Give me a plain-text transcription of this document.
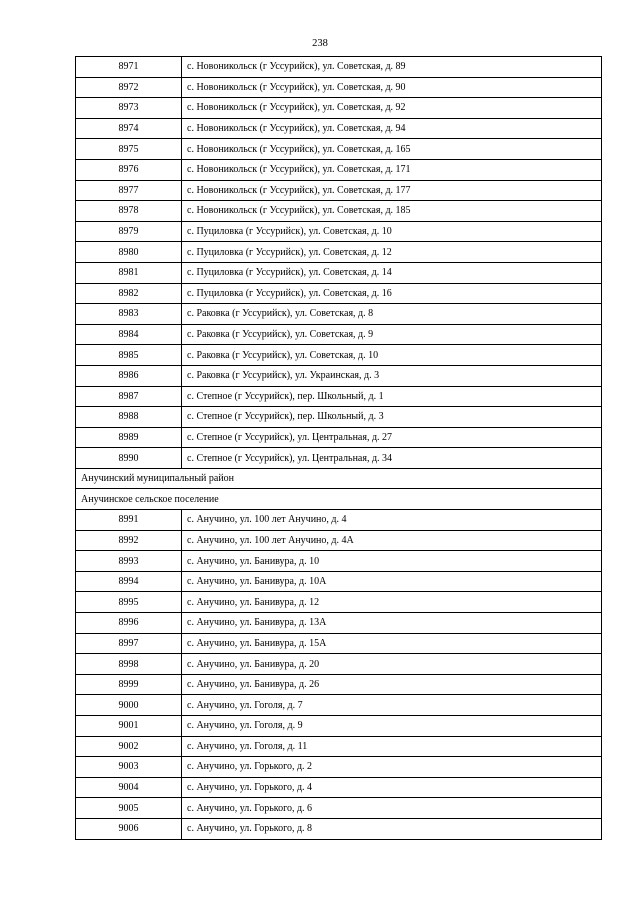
238
8971	с. Новоникольск (г Уссурийск), ул. Советская, д. 89
8972	с. Новоникольск (г Уссурийск), ул. Советская, д. 90
8973	с. Новоникольск (г Уссурийск), ул. Советская, д. 92
8974	с. Новоникольск (г Уссурийск), ул. Советская, д. 94
8975	с. Новоникольск (г Уссурийск), ул. Советская, д. 165
8976	с. Новоникольск (г Уссурийск), ул. Советская, д. 171
8977	с. Новоникольск (г Уссурийск), ул. Советская, д. 177
8978	с. Новоникольск (г Уссурийск), ул. Советская, д. 185
8979	с. Пуциловка (г Уссурийск), ул. Советская, д. 10
8980	с. Пуциловка (г Уссурийск), ул. Советская, д. 12
8981	с. Пуциловка (г Уссурийск), ул. Советская, д. 14
8982	с. Пуциловка (г Уссурийск), ул. Советская, д. 16
8983	с. Раковка (г Уссурийск), ул. Советская, д. 8
8984	с. Раковка (г Уссурийск), ул. Советская, д. 9
8985	с. Раковка (г Уссурийск), ул. Советская, д. 10
8986	с. Раковка (г Уссурийск), ул. Украинская, д. 3
8987	с. Степное (г Уссурийск), пер. Школьный, д. 1
8988	с. Степное (г Уссурийск), пер. Школьный, д. 3
8989	с. Степное (г Уссурийск), ул. Центральная, д. 27
8990	с. Степное (г Уссурийск), ул. Центральная, д. 34
Анучинский муниципальный район	
Анучинское сельское поселение	
8991	с. Анучино, ул. 100 лет Анучино, д. 4
8992	с. Анучино, ул. 100 лет Анучино, д. 4А
8993	с. Анучино, ул. Банивура, д. 10
8994	с. Анучино, ул. Банивура, д. 10А
8995	с. Анучино, ул. Банивура, д. 12
8996	с. Анучино, ул. Банивура, д. 13А
8997	с. Анучино, ул. Банивура, д. 15А
8998	с. Анучино, ул. Банивура, д. 20
8999	с. Анучино, ул. Банивура, д. 26
9000	с. Анучино, ул. Гоголя, д. 7
9001	с. Анучино, ул. Гоголя, д. 9
9002	с. Анучино, ул. Гоголя, д. 11
9003	с. Анучино, ул. Горького, д. 2
9004	с. Анучино, ул. Горького, д. 4
9005	с. Анучино, ул. Горького, д. 6
9006	с. Анучино, ул. Горького, д. 8
